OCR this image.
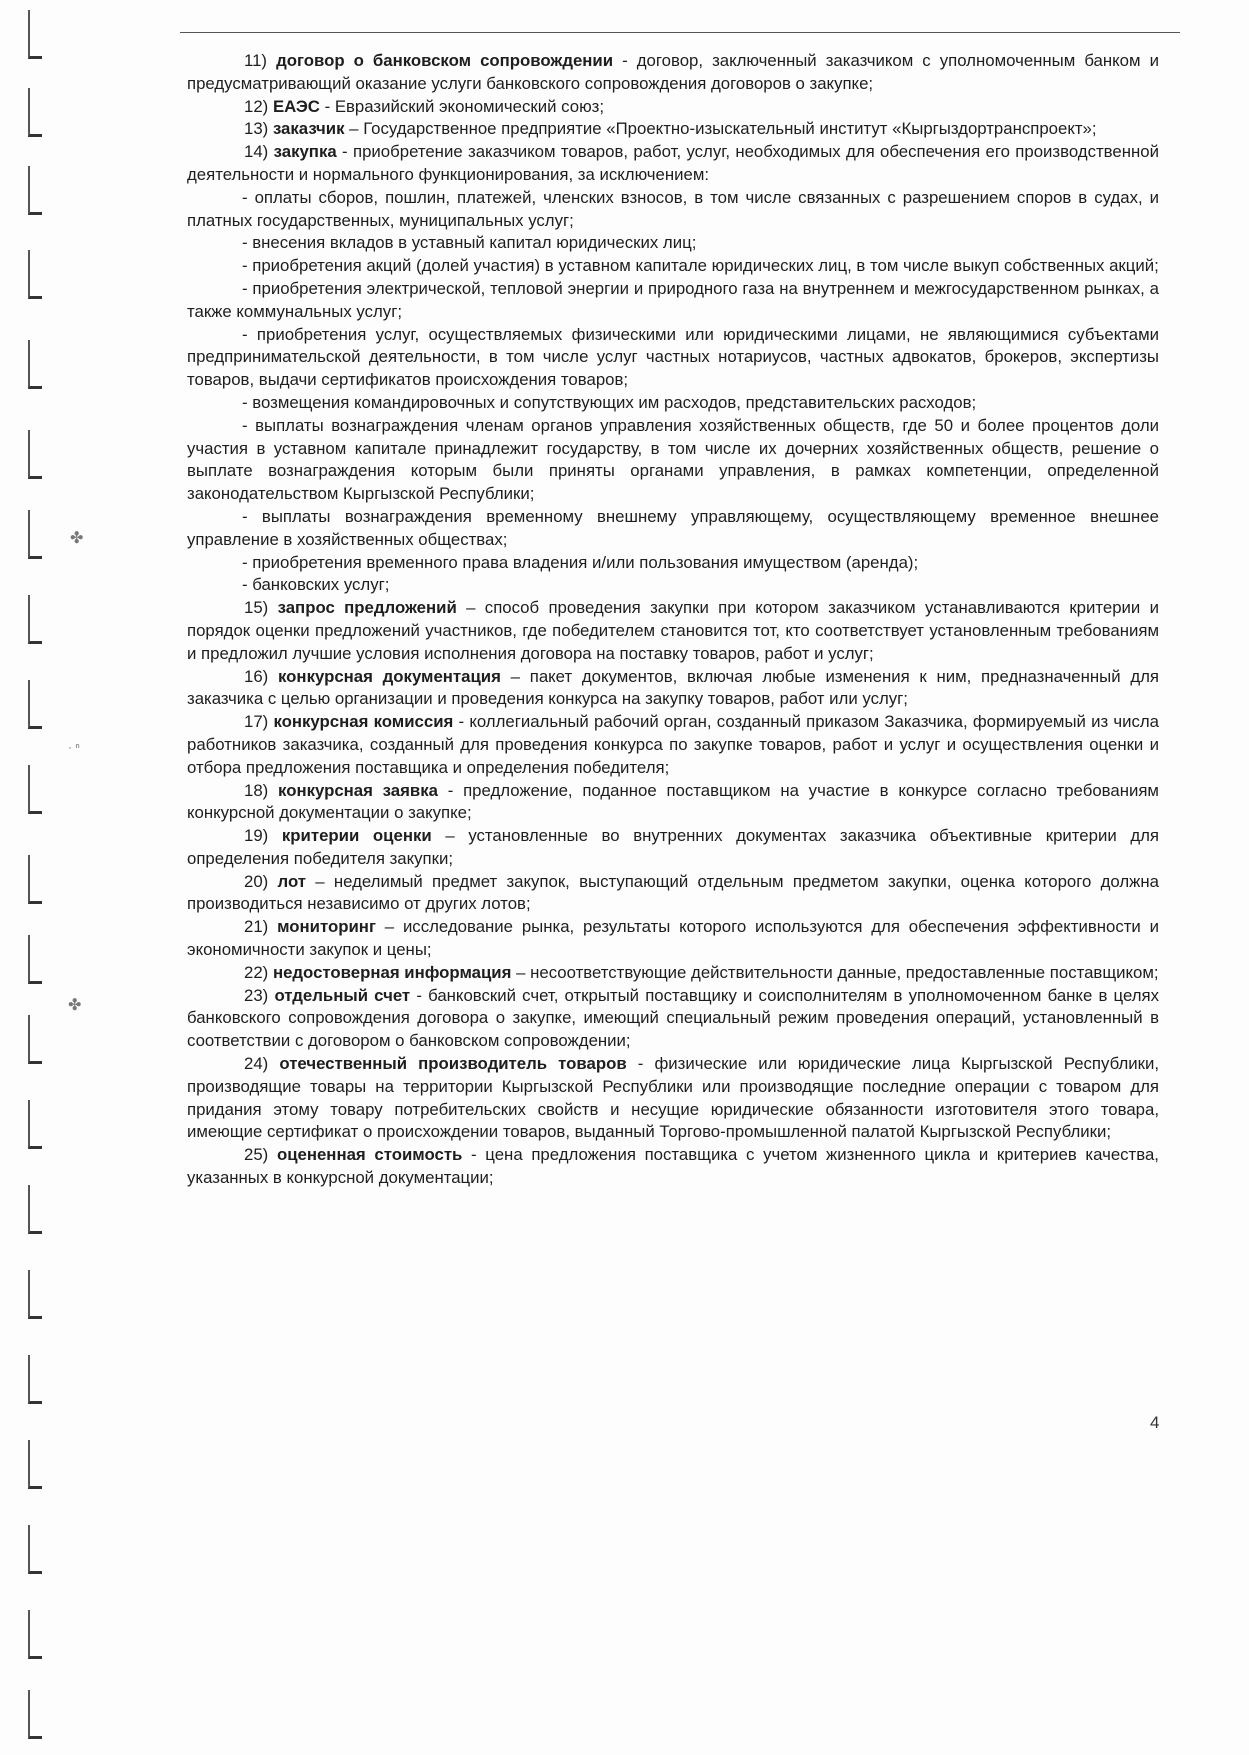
✤
· ⁿ
✤

11) договор о банковском сопровождении - договор, заключенный заказчиком с уполномоченным банком и предусматривающий оказание услуги банковского сопровождения договоров о закупке;

12) ЕАЭС - Евразийский экономический союз;

13) заказчик – Государственное предприятие «Проектно-изыскательный институт «Кыргыздортранспроект»;

14) закупка - приобретение заказчиком товаров, работ, услуг, необходимых для обеспечения его производственной деятельности и нормального функционирования, за исключением:

- оплаты сборов, пошлин, платежей, членских взносов, в том числе связанных с разрешением споров в судах, и платных государственных, муниципальных услуг;

- внесения вкладов в уставный капитал юридических лиц;

- приобретения акций (долей участия) в уставном капитале юридических лиц, в том числе выкуп собственных акций;

- приобретения электрической, тепловой энергии и природного газа на внутреннем и межгосударственном рынках, а также коммунальных услуг;

- приобретения услуг, осуществляемых физическими или юридическими лицами, не являющимися субъектами предпринимательской деятельности, в том числе услуг частных нотариусов, частных адвокатов, брокеров, экспертизы товаров, выдачи сертификатов происхождения товаров;

- возмещения командировочных и сопутствующих им расходов, представительских расходов;

- выплаты вознаграждения членам органов управления хозяйственных обществ, где 50 и более процентов доли участия в уставном капитале принадлежит государству, в том числе их дочерних хозяйственных обществ, решение о выплате вознаграждения которым были приняты органами управления, в рамках компетенции, определенной законодательством Кыргызской Республики;

- выплаты вознаграждения временному внешнему управляющему, осуществляющему временное внешнее управление в хозяйственных обществах;

- приобретения временного права владения и/или пользования имуществом (аренда);

- банковских услуг;

15) запрос предложений – способ проведения закупки при котором заказчиком устанавливаются критерии и порядок оценки предложений участников, где победителем становится тот, кто соответствует установленным требованиям и предложил лучшие условия исполнения договора на поставку товаров, работ и услуг;

16) конкурсная документация – пакет документов, включая любые изменения к ним, предназначенный для заказчика с целью организации и проведения конкурса на закупку товаров, работ или услуг;

17) конкурсная комиссия - коллегиальный рабочий орган, созданный приказом Заказчика, формируемый из числа работников заказчика, созданный для проведения конкурса по закупке товаров, работ и услуг и осуществления оценки и отбора предложения поставщика и определения победителя;

18) конкурсная заявка - предложение, поданное поставщиком на участие в конкурсе согласно требованиям конкурсной документации о закупке;

19) критерии оценки – установленные во внутренних документах заказчика объективные критерии для определения победителя закупки;

20) лот – неделимый предмет закупок, выступающий отдельным предметом закупки, оценка которого должна производиться независимо от других лотов;

21) мониторинг – исследование рынка, результаты которого используются для обеспечения эффективности и экономичности закупок и цены;

22) недостоверная информация – несоответствующие действительности данные, предоставленные поставщиком;

23) отдельный счет - банковский счет, открытый поставщику и соисполнителям в уполномоченном банке в целях банковского сопровождения договора о закупке, имеющий специальный режим проведения операций, установленный в соответствии с договором о банковском сопровождении;

24) отечественный производитель товаров - физические или юридические лица Кыргызской Республики, производящие товары на территории Кыргызской Республики или производящие последние операции с товаром для придания этому товару потребительских свойств и несущие юридические обязанности изготовителя этого товара, имеющие сертификат о происхождении товаров, выданный Торгово-промышленной палатой Кыргызской Республики;

25) оцененная стоимость - цена предложения поставщика с учетом жизненного цикла и критериев качества, указанных в конкурсной документации;

4
